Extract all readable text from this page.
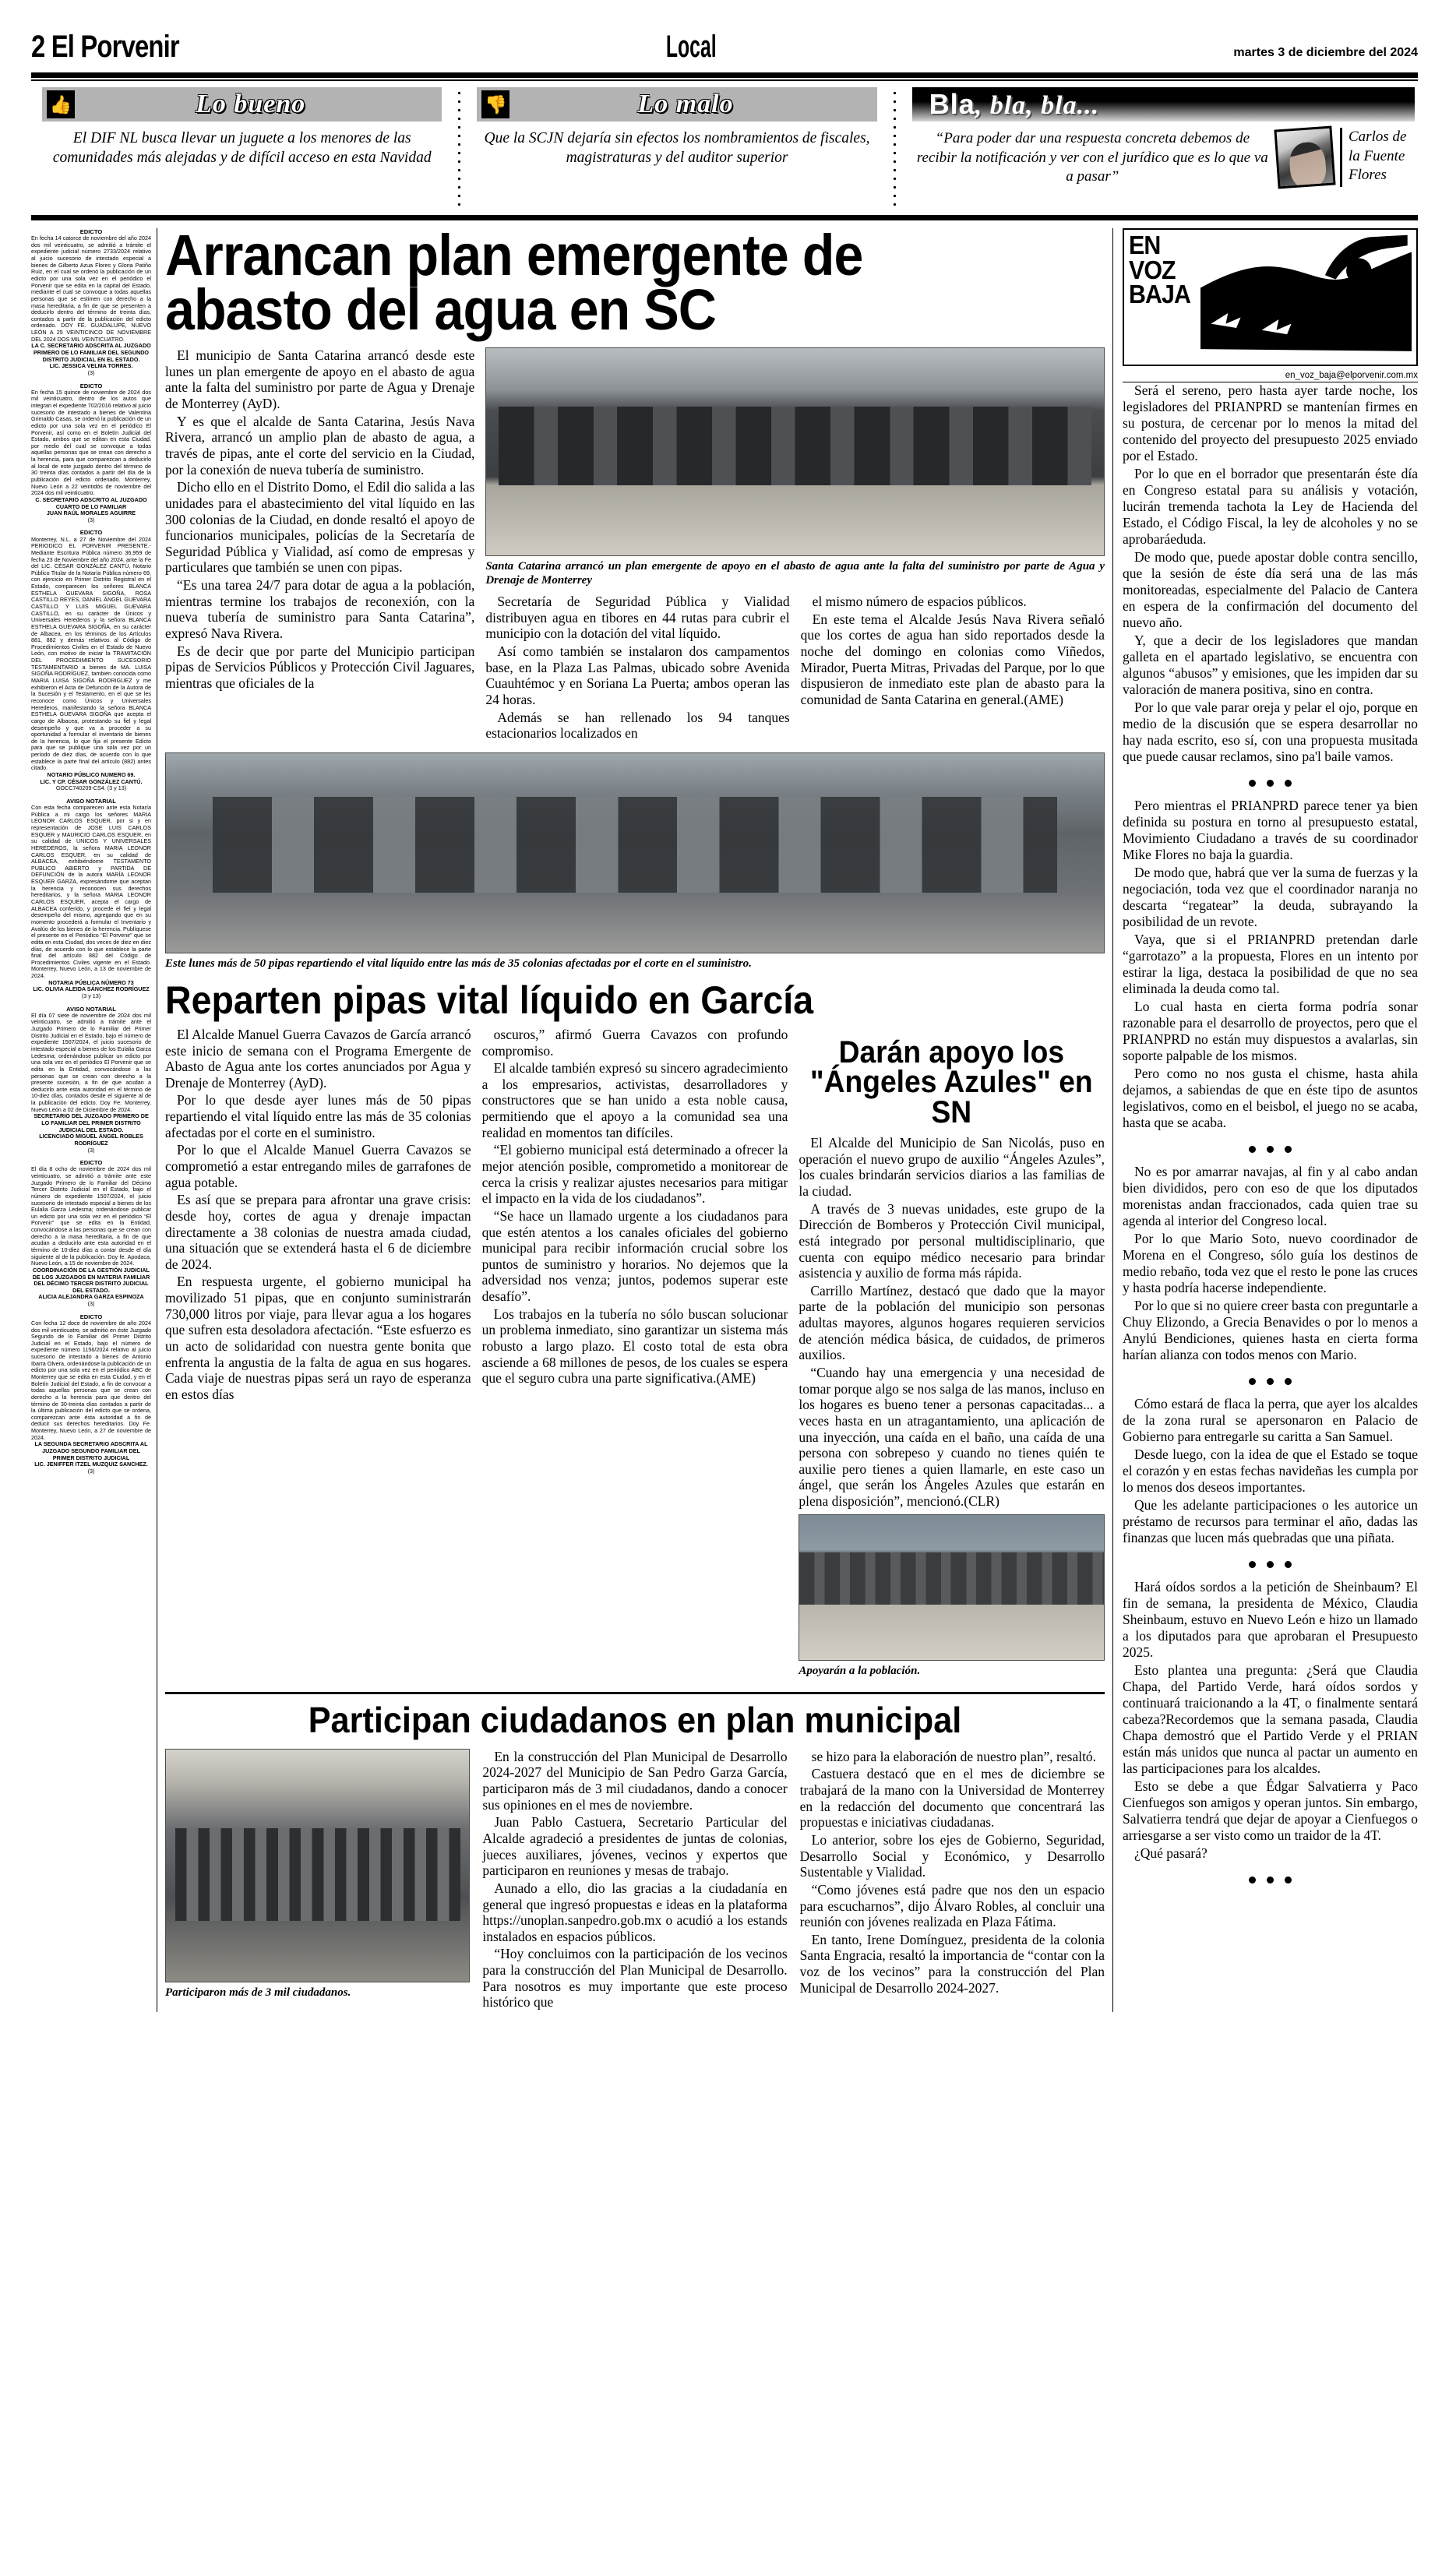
2 El Porvenir	Local	martes 3 de diciembre del 2024
👍	Lo bueno
El DIF NL busca llevar un juguete a los menores de las comunidades más alejadas y de difícil acceso en esta Navidad
👎	Lo malo
Que la SCJN dejaría sin efectos los nombramientos de fiscales, magistraturas y del auditor superior
Bla, bla, bla...
“Para poder dar una respuesta concreta debemos de recibir la notificación y ver con el jurídico que es lo que va a pasar”
Carlos de la Fuente Flores
EDICTO
En fecha 14 catorce de noviembre del año 2024 dos mil veinticuatro, se admitió a trámite el expediente judicial número 2733/2024 relativo al juicio sucesorio de intestado especial a bienes de Gilberto Azua Flores y Gloria Patiño Ruiz, en el cual se ordenó la publicación de un edicto por una sola vez en el periódico el Porvenir que se edita en la capital del Estado, mediante el cual se convoque a todas aquellas personas que se estimen con derecho a la masa hereditaria, a fin de que se presenten a deducirlo dentro del término de treinta días, contados a partir de la publicación del edicto ordenado. DOY FE. GUADALUPE, NUEVO LEÓN A 25 VEINTICINCO DE NOVIEMBRE DEL 2024 DOS MIL VEINTICUATRO.
LA C. SECRETARIO ADSCRITA AL JUZGADO PRIMERO DE LO FAMILIAR DEL SEGUNDO DISTRITO JUDICIAL EN EL ESTADO.
LIC. JESSICA VELMA TORRES.
(3)
EDICTO
En fecha 15 quince de noviembre de 2024 dos mil veinticuatro, dentro de los autos que integran el expediente 702/2016 relativo al juicio sucesorio de intestado a bienes de Valentina Grimaldo Casas, se ordenó la publicación de un edicto por una sola vez en el periódico El Porvenir, así como en el Boletín Judicial del Estado, ambos que se editan en esta Ciudad, por medio del cual se convoque a todas aquellas personas que se crean con derecho a la herencia, para que comparezcan a deducirlo al local de este juzgado dentro del término de 30 treinta días contados a partir del día de la publicación del edicto ordenado. Monterrey, Nuevo León a 22 veintidós de noviembre del 2024 dos mil veinticuatro.
C. SECRETARIO ADSCRITO AL JUZGADO CUARTO DE LO FAMILIAR
JUAN RAÚL MORALES AGUIRRE
(3)
EDICTO
Monterrey, N.L. a 27 de Noviembre del 2024 PERIODICO EL PORVENIR PRESENTE.- Mediante Escritura Pública número 36,959 de fecha 23 de Noviembre del año 2024, ante la Fe del LIC. CÉSAR GONZÁLEZ CANTÚ, Notario Público Titular de la Notaría Pública número 69, con ejercicio en Primer Distrito Registral en el Estado, comparecen los señores BLANCA ESTHELA GUEVARA SIGOÑA, ROSA CASTILLO REYES, DANIEL ÁNGEL GUEVARA CASTILLO Y LUIS MIGUEL GUEVARA CASTILLO, en su carácter de Únicos y Universales Herederos y la señora BLANCA ESTHELA GUEVARA SIGOÑA, en su carácter de Albacea, en los términos de los Artículos 881, 882 y demás relativos al Código de Procedimientos Civiles en el Estado de Nuevo León, con motivo de iniciar la TRAMITACIÓN DEL PROCEDIMIENTO SUCESORIO TESTAMENTARIO a bienes de MA. LUISA SIGOÑA RODRÍGUEZ, también conocida como MARIA LUISA SIGOÑA RODRIGUEZ y me exhibieron el Acta de Defunción de la Autora de la Sucesión y el Testamento, en el que se les reconoce como Únicos y Universales Herederos, manifestando la señora BLANCA ESTHELA GUEVARA SIGOÑA que acepta el cargo de Albacea, protestando su fiel y legal desempeño y que va a proceder a su oportunidad a formular el inventario de bienes de la herencia, lo que fija el presente Edicto para que se publique una sola vez por un período de diez días, de acuerdo con lo que establece la parte final del artículo (882) antes citado.
NOTARIO PÚBLICO NUMERO 69.
LIC. Y CP. CÉSAR GONZÁLEZ CANTÚ.
GOCC740209-CS4. (3 y 13)
AVISO NOTARIAL
Con esta fecha comparecen ante esta Notaría Pública a mi cargo los señores MARIA LEONOR CARLOS ESQUER, por si y en representación de JOSE LUIS CARLOS ESQUER y MAURICIO CARLOS ESQUER, en su calidad de UNICOS Y UNIVERSALES HEREDEROS, la señora MARIA LEONOR CARLOS ESQUER, en su calidad de ALBACEA, exhibiéndome TESTAMENTO PUBLICO ABIERTO y PARTIDA DE DEFUNCIÓN de la autora MARÍA LEONOR ESQUER GARZA, expresándome que aceptan la herencia y reconocen sus derechos hereditarios, y la señora MARIA LEONOR CARLOS ESQUER, acepta el cargo de ALBACEA conferido, y procede el fiel y legal desempeño del mismo, agregando que en su momento procederá a formular el Inventario y Avalúo de los bienes de la herencia. Publíquese el presente en el Periódico “El Porvenir” que se edita en esta Ciudad, dos veces de diez en diez días, de acuerdo con lo que establece la parte final del artículo 882 del Código de Procedimientos Civiles vigente en el Estado. Monterrey, Nuevo León, a 13 de noviembre de 2024.
NOTARIA PÚBLICA NÚMERO 73
LIC. OLIVIA ALEIDA SÁNCHEZ RODRÍGUEZ
(3 y 13)
AVISO NOTARIAL
El día 07 siete de noviembre de 2024 dos mil veinticuatro, se admitió a trámite ante el Juzgado Primero de lo Familiar del Primer Distrito Judicial en el Estado, bajo el número de expediente 1507/2024, el juicio sucesorio de intestado especial a bienes de los Eulalia Garza Ledesma; ordenándose publicar un edicto por una sola vez en el periódico El Porvenir que se edita en la Entidad, convocándose a las personas que se crean con derecho a la presente sucesión, a fin de que acudan a deducirlo ante esta autoridad en el término de 10-diez días, contados desde el siguiente al de la publicación del edicto. Doy Fe. Monterrey, Nuevo León a 02 de Diciembre de 2024.
SECRETARIO DEL JUZGADO PRIMERO DE LO FAMILIAR DEL PRIMER DISTRITO JUDICIAL DEL ESTADO.
LICENCIADO MIGUEL ÁNGEL ROBLES RODRÍGUEZ
(3)
EDICTO
El día 8 ocho de noviembre de 2024 dos mil veinticuatro, se admitió a trámite ante este Juzgado Primero de lo Familiar del Décimo Tercer Distrito Judicial en el Estado, bajo el número de expediente 1507/2024, el juicio sucesorio de intestado especial a bienes de los Eulalia Garza Ledesma; ordenándose publicar un edicto por una sola vez en el periódico “El Porvenir” que se edita en la Entidad, convocándose a las personas que se crean con derecho a la masa hereditaria, a fin de que acudan a deducirlo ante esta autoridad en el término de 10-diez días a contar desde el día siguiente al de la publicación. Doy fe. Apodaca, Nuevo León, a 15 de noviembre de 2024.
COORDINACIÓN DE LA GESTIÓN JUDICIAL DE LOS JUZGADOS EN MATERIA FAMILIAR DEL DÉCIMO TERCER DISTRITO JUDICIAL DEL ESTADO.
ALICIA ALEJANDRA GARZA ESPINOZA
(3)
EDICTO
Con fecha 12 doce de noviembre de año 2024 dos mil veinticuatro, se admitió en éste Juzgado Segundo de lo Familiar del Primer Distrito Judicial en el Estado, bajo el número de expediente número 1156/2024 relativo al juicio sucesorio de intestado a bienes de Antonio Ibarra Olvera, ordenándose la publicación de un edicto por una sola vez en el periódico ABC de Monterrey que se edita en esta Ciudad, y en el Boletín Judicial del Estado, a fin de convocar a todas aquellas personas que se crean con derecho a la herencia para que dentro del término de 30-treinta días contados a partir de la última publicación del edicto que se ordena, comparezcan ante ésta autoridad a fin de deducir sus derechos hereditarios. Doy Fe. Monterrey, Nuevo León, a 27 de noviembre de 2024.
LA SEGUNDA SECRETARIO ADSCRITA AL JUZGADO SEGUNDO FAMILIAR DEL PRIMER DISTRITO JUDICIAL
LIC. JENIFFER ITZEL MUZQUIZ SANCHEZ.
(3)
Arrancan plan emergente de abasto del agua en SC

El municipio de Santa Catarina arrancó desde este lunes un plan emergente de apoyo en el abasto de agua ante la falta del suministro por parte de Agua y Drenaje de Monterrey (AyD).

Y es que el alcalde de Santa Catarina, Jesús Nava Rivera, arrancó un amplio plan de abasto de agua, a través de pipas, ante el corte del servicio en la Ciudad, por la conexión de nueva tubería de suministro.

Dicho ello en el Distrito Domo, el Edil dio salida a las unidades para el abastecimiento del vital líquido en las 300 colonias de la Ciudad, en donde resaltó el apoyo de funcionarios municipales, policías de la Secretaría de Seguridad Pública y Vialidad, así como de empresas y particulares que también se unen con pipas.

“Es una tarea 24/7 para dotar de agua a la población, mientras termine los trabajos de reconexión, con la nueva tubería de suministro para Santa Catarina”, expresó Nava Rivera.

Es de decir que por parte del Municipio participan pipas de Servicios Públicos y Protección Civil Jaguares, mientras que oficiales de la

Santa Catarina arrancó un plan emergente de apoyo en el abasto de agua ante la falta del suministro por parte de Agua y Drenaje de Monterrey

Secretaría de Seguridad Pública y Vialidad distribuyen agua en tibores en 44 rutas para cubrir el municipio con la dotación del vital líquido.

Así como también se instalaron dos campamentos base, en la Plaza Las Palmas, ubicado sobre Avenida Cuauhtémoc y en Soriana La Puerta; ambos operan las 24 horas.

Además se han rellenado los 94 tanques estacionarios localizados en

el mismo número de espacios públicos.

En este tema el Alcalde Jesús Nava Rivera señaló que los cortes de agua han sido reportados desde la noche del domingo en colonias como Viñedos, Mirador, Puerta Mitras, Privadas del Parque, por lo que dispusieron de inmediato este plan de abasto para la comunidad de Santa Catarina en general.(AME)

Este lunes más de 50 pipas repartiendo el vital líquido entre las más de 35 colonias afectadas por el corte en el suministro.

Reparten pipas vital líquido en García

El Alcalde Manuel Guerra Cavazos de García arrancó este inicio de semana con el Programa Emergente de Abasto de Agua ante los cortes anunciados por Agua y Drenaje de Monterrey (AyD).

Por lo que desde ayer lunes más de 50 pipas repartiendo el vital líquido entre las más de 35 colonias afectadas por el corte en el suministro.

Por lo que el Alcalde Manuel Guerra Cavazos se comprometió a estar entregando miles de garrafones de agua potable.

Es así que se prepara para afrontar una grave crisis: desde hoy, cortes de agua y drenaje impactan directamente a 38 colonias de nuestra amada ciudad, una situación que se extenderá hasta el 6 de diciembre de 2024.

En respuesta urgente, el gobierno municipal ha movilizado 51 pipas, que en conjunto suministrarán 730,000 litros por viaje, para llevar agua a los hogares que sufren esta desoladora afectación. “Este esfuerzo es un acto de solidaridad con nuestra gente bonita que enfrenta la angustia de la falta de agua en sus hogares. Cada viaje de nuestras pipas será un rayo de esperanza en estos días

oscuros,” afirmó Guerra Cavazos con profundo compromiso.

El alcalde también expresó su sincero agradecimiento a los empresarios, activistas, desarrolladores y constructores que se han unido a esta noble causa, permitiendo que el apoyo a la comunidad sea una realidad en momentos tan difíciles.

“El gobierno municipal está determinado a ofrecer la mejor atención posible, comprometido a monitorear de cerca la crisis y realizar ajustes necesarios para mitigar el impacto en la vida de los ciudadanos”.

“Se hace un llamado urgente a los ciudadanos para que estén atentos a los canales oficiales del gobierno municipal para recibir información crucial sobre los puntos de suministro y horarios. No dejemos que la adversidad nos venza; juntos, podemos superar este desafío”.

Los trabajos en la tubería no sólo buscan solucionar un problema inmediato, sino garantizar un sistema más robusto a largo plazo. El costo total de esta obra asciende a 68 millones de pesos, de los cuales se espera que el seguro cubra una parte significativa.(AME)

Darán apoyo los "Ángeles Azules" en SN

El Alcalde del Municipio de San Nicolás, puso en operación el nuevo grupo de auxilio “Ángeles Azules”, los cuales brindarán servicios diarios a las familias de la ciudad.

A través de 3 nuevas unidades, este grupo de la Dirección de Bomberos y Protección Civil municipal, está integrado por personal multidisciplinario, que cuenta con equipo médico necesario para brindar asistencia y auxilio de forma más rápida.

Carrillo Martínez, destacó que dado que la mayor parte de la población del municipio son personas adultas mayores, algunos hogares requieren servicios de atención médica básica, de cuidados, de primeros auxilios.

“Cuando hay una emergencia y una necesidad de tomar porque algo se nos salga de las manos, incluso en los hogares es bueno tener a personas capacitadas... a veces hasta en un atragantamiento, una aplicación de una inyección, una caída en el baño, una caída de una persona con sobrepeso y cuando no tienes quién te auxilie pero tienes a quien llamarle, en este caso un ángel, que serán los Ángeles Azules que estarán en plena disposición”, mencionó.(CLR)

Apoyarán a la población.

Participan ciudadanos en plan municipal

Participaron más de 3 mil ciudadanos.

En la construcción del Plan Municipal de Desarrollo 2024-2027 del Municipio de San Pedro Garza García, participaron más de 3 mil ciudadanos, dando a conocer sus opiniones en el mes de noviembre.

Juan Pablo Castuera, Secretario Particular del Alcalde agradeció a presidentes de juntas de colonias, jueces auxiliares, jóvenes, vecinos y expertos que participaron en reuniones y mesas de trabajo.

Aunado a ello, dio las gracias a la ciudadanía en general que ingresó propuestas e ideas en la plataforma https://unoplan.sanpedro.gob.mx o acudió a los estands instalados en espacios públicos.

“Hoy concluimos con la participación de los vecinos para la construcción del Plan Municipal de Desarrollo. Para nosotros es muy importante que este proceso histórico que

se hizo para la elaboración de nuestro plan”, resaltó.

Castuera destacó que en el mes de diciembre se trabajará de la mano con la Universidad de Monterrey en la redacción del documento que concentrará las propuestas e iniciativas ciudadanas.

Lo anterior, sobre los ejes de Gobierno, Seguridad, Desarrollo Social y Económico, y Desarrollo Sustentable y Vialidad.

“Como jóvenes está padre que nos den un espacio para escucharnos”, dijo Álvaro Robles, al concluir una reunión con jóvenes realizada en Plaza Fátima.

En tanto, Irene Domínguez, presidenta de la colonia Santa Engracia, resaltó la importancia de “contar con la voz de los vecinos” para la construcción del Plan Municipal de Desarrollo 2024-2027.

EN
VOZ
BAJA
en_voz_baja@elporvenir.com.mx

Será el sereno, pero hasta ayer tarde noche, los legisladores del PRIANPRD se mantenían firmes en su postura, de cercenar por lo menos la mitad del contenido del proyecto del presupuesto 2025 enviado por el Estado.

Por lo que en el borrador que presentarán éste día en Congreso estatal para su análisis y votación, lucirán tremenda tachota la Ley de Hacienda del Estado, el Código Fiscal, la ley de alcoholes y no se aprobaráeduda.

De modo que, puede apostar doble contra sencillo, que la sesión de éste día será una de las más monitoreadas, especialmente del Palacio de Cantera en espera de la confirmación del documento del nuevo año.

Y, que a decir de los legisladores que mandan galleta en el apartado legislativo, se encuentra con algunos “abusos” y emisiones, que les impiden dar su valoración de manera positiva, sino en contra.

Por lo que vale parar oreja y pelar el ojo, porque en medio de la discusión que se espera desarrollar no hay nada escrito, eso sí, con una propuesta musitada que puede causar reclamos, sino pa'l baile vamos.

Pero mientras el PRIANPRD parece tener ya bien definida su postura en torno al presupuesto estatal, Movimiento Ciudadano a través de su coordinador Mike Flores no baja la guardia.

De modo que, habrá que ver la suma de fuerzas y la negociación, toda vez que el coordinador naranja no descarta “regatear” la deuda, subrayando la posibilidad de un revote.

Vaya, que si el PRIANPRD pretendan darle “garrotazo” a la propuesta, Flores en un intento por estirar la liga, destaca la posibilidad de que no sea eliminada la deuda como tal.

Lo cual hasta en cierta forma podría sonar razonable para el desarrollo de proyectos, pero que el PRIANPRD no están muy dispuestos a avalarlas, sin soporte palpable de los mismos.

Pero como no nos gusta el chisme, hasta ahila dejamos, a sabiendas de que en éste tipo de asuntos legislativos, como en el beisbol, el juego no se acaba, hasta que se acaba.

No es por amarrar navajas, al fin y al cabo andan bien divididos, pero con eso de que los diputados morenistas andan fraccionados, cada quien trae su agenda al interior del Congreso local.

Por lo que Mario Soto, nuevo coordinador de Morena en el Congreso, sólo guía los destinos de medio rebaño, toda vez que el resto le pone las cruces y hasta podría hacerse independiente.

Por lo que si no quiere creer basta con preguntarle a Chuy Elizondo, a Grecia Benavides o por lo menos a Anylú Bendiciones, quienes hasta en cierta forma harían alianza con todos menos con Mario.

Cómo estará de flaca la perra, que ayer los alcaldes de la zona rural se apersonaron en Palacio de Gobierno para entregarle su caritta a San Samuel.

Desde luego, con la idea de que el Estado se toque el corazón y en estas fechas navideñas les cumpla por lo menos dos deseos importantes.

Que les adelante participaciones o les autorice un préstamo de recursos para terminar el año, dadas las finanzas que lucen más quebradas que una piñata.

Hará oídos sordos a la petición de Sheinbaum? El fin de semana, la presidenta de México, Claudia Sheinbaum, estuvo en Nuevo León e hizo un llamado a los diputados para que aprobaran el Presupuesto 2025.

Esto plantea una pregunta: ¿Será que Claudia Chapa, del Partido Verde, hará oídos sordos y continuará traicionando a la 4T, o finalmente sentará cabeza?Recordemos que la semana pasada, Claudia Chapa demostró que el Partido Verde y el PRIAN están más unidos que nunca al pactar un aumento en las participaciones para los alcaldes.

Esto se debe a que Édgar Salvatierra y Paco Cienfuegos son amigos y operan juntos. Sin embargo, Salvatierra tendrá que dejar de apoyar a Cienfuegos o arriesgarse a ser visto como un traidor de la 4T.

¿Qué pasará?
